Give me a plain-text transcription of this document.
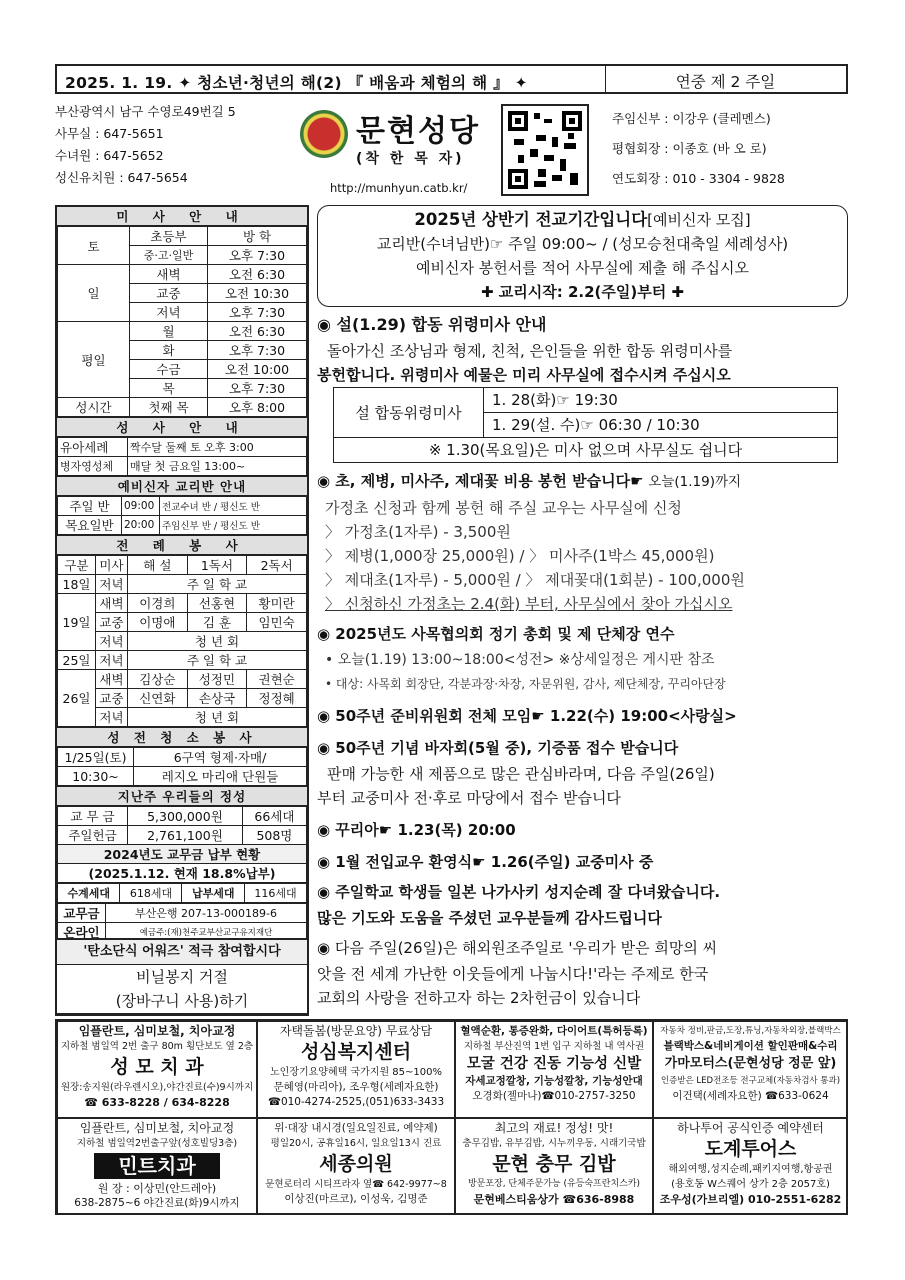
2025. 1. 19. ✦ 청소년·청년의 해(2) 『 배움과 체험의 해 』 ✦	연중 제 2 주일
부산광역시 남구 수영로49번길 5
사무실 : 647-5651
수녀원 : 647-5652
성신유치원 : 647-5654
문현성당
(착 한 목 자)
http://munhyun.catb.kr/
주임신부 : 이강우 (클레멘스)
평협회장 : 이종호 (바 오 로)
연도회장 : 010 - 3304 - 9828
미 사 안 내
토	초등부	방 학
	중·고·일반	오후 7:30
일	새벽	오전 6:30
	교중	오전 10:30
	저녁	오후 7:30
평일	월	오전 6:30
	화	오후 7:30
	수금	오전 10:00
	목	오후 7:30
성시간	첫째 목	오후 8:00
성 사 안 내
유아세례	짝수달 둘째 토 오후 3:00
병자영성체	매달 첫 금요일 13:00~
예비신자 교리반 안내
주일 반	09:00	전교수녀 반 / 평신도 반
목요일반	20:00	주임신부 반 / 평신도 반
전 례 봉 사
구분	미사	해 설	1독서	2독서
18일	저녁	주 일 학 교		
19일	새벽	이경희	선홍현	황미란
	교중	이명애	김 훈	임민숙
	저녁	청 년 회		
25일	저녁	주 일 학 교		
26일	새벽	김상순	성정민	권현순
	교중	신연화	손상국	정정혜
	저녁	청 년 회		
성 전 청 소 봉 사
1/25일(토)	6구역 형제·자매/
10:30~	레지오 마리애 단원들
지난주 우리들의 정성
교 무 금	5,300,000원	66세대
주일헌금	2,761,100원	508명
2024년도 교무금 납부 현황		
(2025.1.12. 현재 18.8%납부)		
수계세대	618세대	납부세대	116세대
교무금	부산은행 207-13-000189-6
온라인	예금주:(재)천주교부산교구유지재단
'탄소단식 어워즈' 적극 참여합시다
비닐봉지 거절
(장바구니 사용)하기
2025년 상반기 전교기간입니다[예비신자 모집]
교리반(수녀님반)☞ 주일 09:00~ / (성모승천대축일 세례성사)
예비신자 봉헌서를 적어 사무실에 제출 해 주십시오
✚ 교리시작: 2.2(주일)부터 ✚
◉ 설(1.29) 합동 위령미사 안내
돌아가신 조상님과 형제, 친척, 은인들을 위한 합동 위령미사를
봉헌합니다. 위령미사 예물은 미리 사무실에 접수시켜 주십시오
설 합동위령미사	1. 28(화)☞ 19:30
1. 29(설. 수)☞ 06:30 / 10:30
※ 1.30(목요일)은 미사 없으며 사무실도 쉽니다
◉ 초, 제병, 미사주, 제대꽃 비용 봉헌 받습니다☛ 오늘(1.19)까지
가정초 신청과 함께 봉헌 해 주실 교우는 사무실에 신청
〉 가정초(1자루) - 3,500원
〉 제병(1,000장 25,000원) / 〉 미사주(1박스 45,000원)
〉 제대초(1자루) - 5,000원 / 〉 제대꽃대(1회분) - 100,000원
〉 신청하신 가정초는 2.4(화) 부터, 사무실에서 찾아 가십시오
◉ 2025년도 사목협의회 정기 총회 및 제 단체장 연수
• 오늘(1.19) 13:00~18:00<성전> ※상세일정은 게시판 참조
• 대상: 사목회 회장단, 각분과장·차장, 자문위원, 감사, 제단체장, 꾸리아단장
◉ 50주년 준비위원회 전체 모임☛ 1.22(수) 19:00<사랑실>
◉ 50주년 기념 바자회(5월 중), 기증품 접수 받습니다
판매 가능한 새 제품으로 많은 관심바라며, 다음 주일(26일)
부터 교중미사 전·후로 마당에서 접수 받습니다
◉ 꾸리아☛ 1.23(목) 20:00
◉ 1월 전입교우 환영식☛ 1.26(주일) 교중미사 중
◉ 주일학교 학생들 일본 나가사키 성지순례 잘 다녀왔습니다.
많은 기도와 도움을 주셨던 교우분들께 감사드립니다
◉ 다음 주일(26일)은 해외원조주일로 '우리가 받은 희망의 씨
앗을 전 세계 가난한 이웃들에게 나눕시다!'라는 주제로 한국
교회의 사랑을 전하고자 하는 2차헌금이 있습니다
임플란트, 심미보철, 치아교정
지하철 범일역 2번 출구 80m 횡단보도 옆 2층
성 모 치 과
원장:송지원(라우렌시오),야간진료(수)9시까지
☎ 633-8228 / 634-8228
자택돌봄(방문요양) 무료상담
성심복지센터
노인장기요양혜택 국가지원 85~100%
문혜영(마리아), 조우형(세례자요한)
☎010-4274-2525,(051)633-3433
혈액순환, 통증완화, 다이어트(특허등록)
지하철 부산진역 1번 입구 지하철 내 역사권
모굴 건강 진동 기능성 신발
자세교정깔창, 기능성깔창, 기능성안대
오경화(젤마나)☎010-2757-3250
자동차 정비,판금,도장,튜닝,자동차외장,블랙박스
블랙박스&네비게이션 할인판매&수리
가마모터스(문현성당 정문 앞)
인증받은 LED전조등 전구교체(자동차검사 통과)
이건택(세례자요한) ☎633-0624
임플란트, 심미보철, 치아교정
지하철 범일역2번출구앞(성호빌딩3층)
민트치과
원 장 : 이상민(안드레아)
638-2875~6 야간진료(화)9시까지
위·대장 내시경(일요일진료, 예약제)
평일20시, 공휴일16시, 일요일13시 진료
세종의원
문현로터리 시티프라자 옆☎ 642-9977~8
이상진(마르코), 이성욱, 김명준
최고의 재료! 정성! 맛!
충무김밥, 유부김밥, 시누끼우동, 시래기국밥
문현 충무 김밥
방문포장, 단체주문가능 (유등숙프란치스카)
문현베스티움상가 ☎636-8988
하나투어 공식인증 예약센터
도계투어스
해외여행,성지순례,패키지여행,항공권
(용호동 W스퀘어 상가 2층 2057호)
조우성(가브리엘) 010-2551-6282
